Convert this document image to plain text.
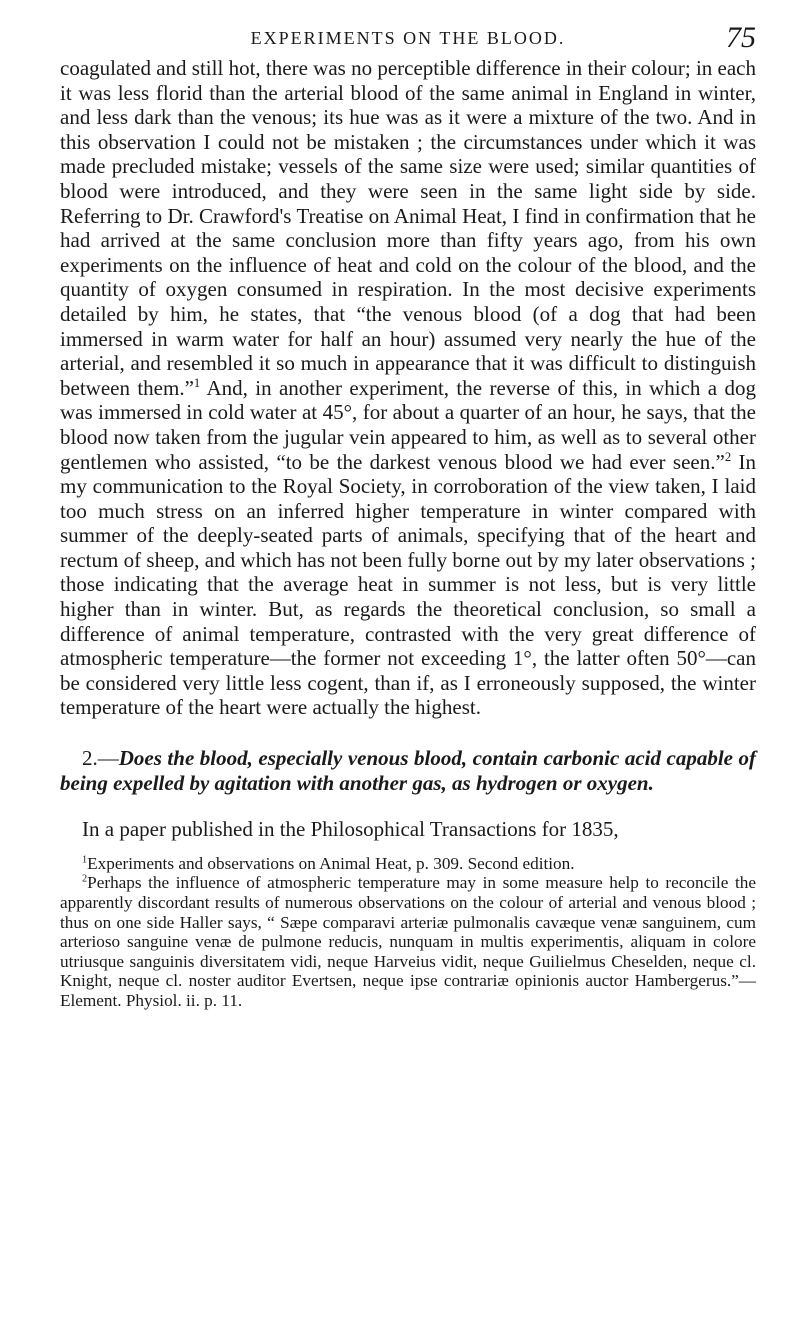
EXPERIMENTS ON THE BLOOD.	75

coagulated and still hot, there was no perceptible difference in their colour; in each it was less florid than the arterial blood of the same animal in England in winter, and less dark than the venous; its hue was as it were a mixture of the two. And in this observation I could not be mistaken ; the circumstances under which it was made precluded mistake; vessels of the same size were used; similar quantities of blood were introduced, and they were seen in the same light side by side. Referring to Dr. Crawford's Treatise on Animal Heat, I find in confirmation that he had arrived at the same conclusion more than fifty years ago, from his own experiments on the influence of heat and cold on the colour of the blood, and the quantity of oxygen consumed in respiration. In the most decisive experiments detailed by him, he states, that “the venous blood (of a dog that had been immersed in warm water for half an hour) assumed very nearly the hue of the arterial, and resembled it so much in appearance that it was difficult to distinguish between them.”$^1$ And, in another experiment, the reverse of this, in which a dog was immersed in cold water at 45°, for about a quarter of an hour, he says, that the blood now taken from the jugular vein appeared to him, as well as to several other gentlemen who assisted, “to be the darkest venous blood we had ever seen.”$^2$ In my communication to the Royal Society, in corroboration of the view taken, I laid too much stress on an inferred higher temperature in winter compared with summer of the deeply-seated parts of animals, specifying that of the heart and rectum of sheep, and which has not been fully borne out by my later observations ; those indicating that the average heat in summer is not less, but is very little higher than in winter. But, as regards the theoretical conclusion, so small a difference of animal temperature, contrasted with the very great difference of atmospheric temperature—the former not exceeding 1°, the latter often 50°—can be considered very little less cogent, than if, as I erroneously supposed, the winter temperature of the heart were actually the highest.

2.—Does the blood, especially venous blood, contain carbonic acid capable of being expelled by agitation with another gas, as hydrogen or oxygen.

In a paper published in the Philosophical Transactions for 1835,

$^1$Experiments and observations on Animal Heat, p. 309. Second edition.

$^2$Perhaps the influence of atmospheric temperature may in some measure help to reconcile the apparently discordant results of numerous observations on the colour of arterial and venous blood ; thus on one side Haller says, “ Sæpe comparavi arteriæ pulmonalis cavæque venæ sanguinem, cum arterioso sanguine venæ de pulmone reducis, nunquam in multis experimentis, aliquam in colore utriusque sanguinis diversitatem vidi, neque Harveius vidit, neque Guilielmus Cheselden, neque cl. Knight, neque cl. noster auditor Evertsen, neque ipse contrariæ opinionis auctor Hambergerus.”—Element. Physiol. ii. p. 11.
